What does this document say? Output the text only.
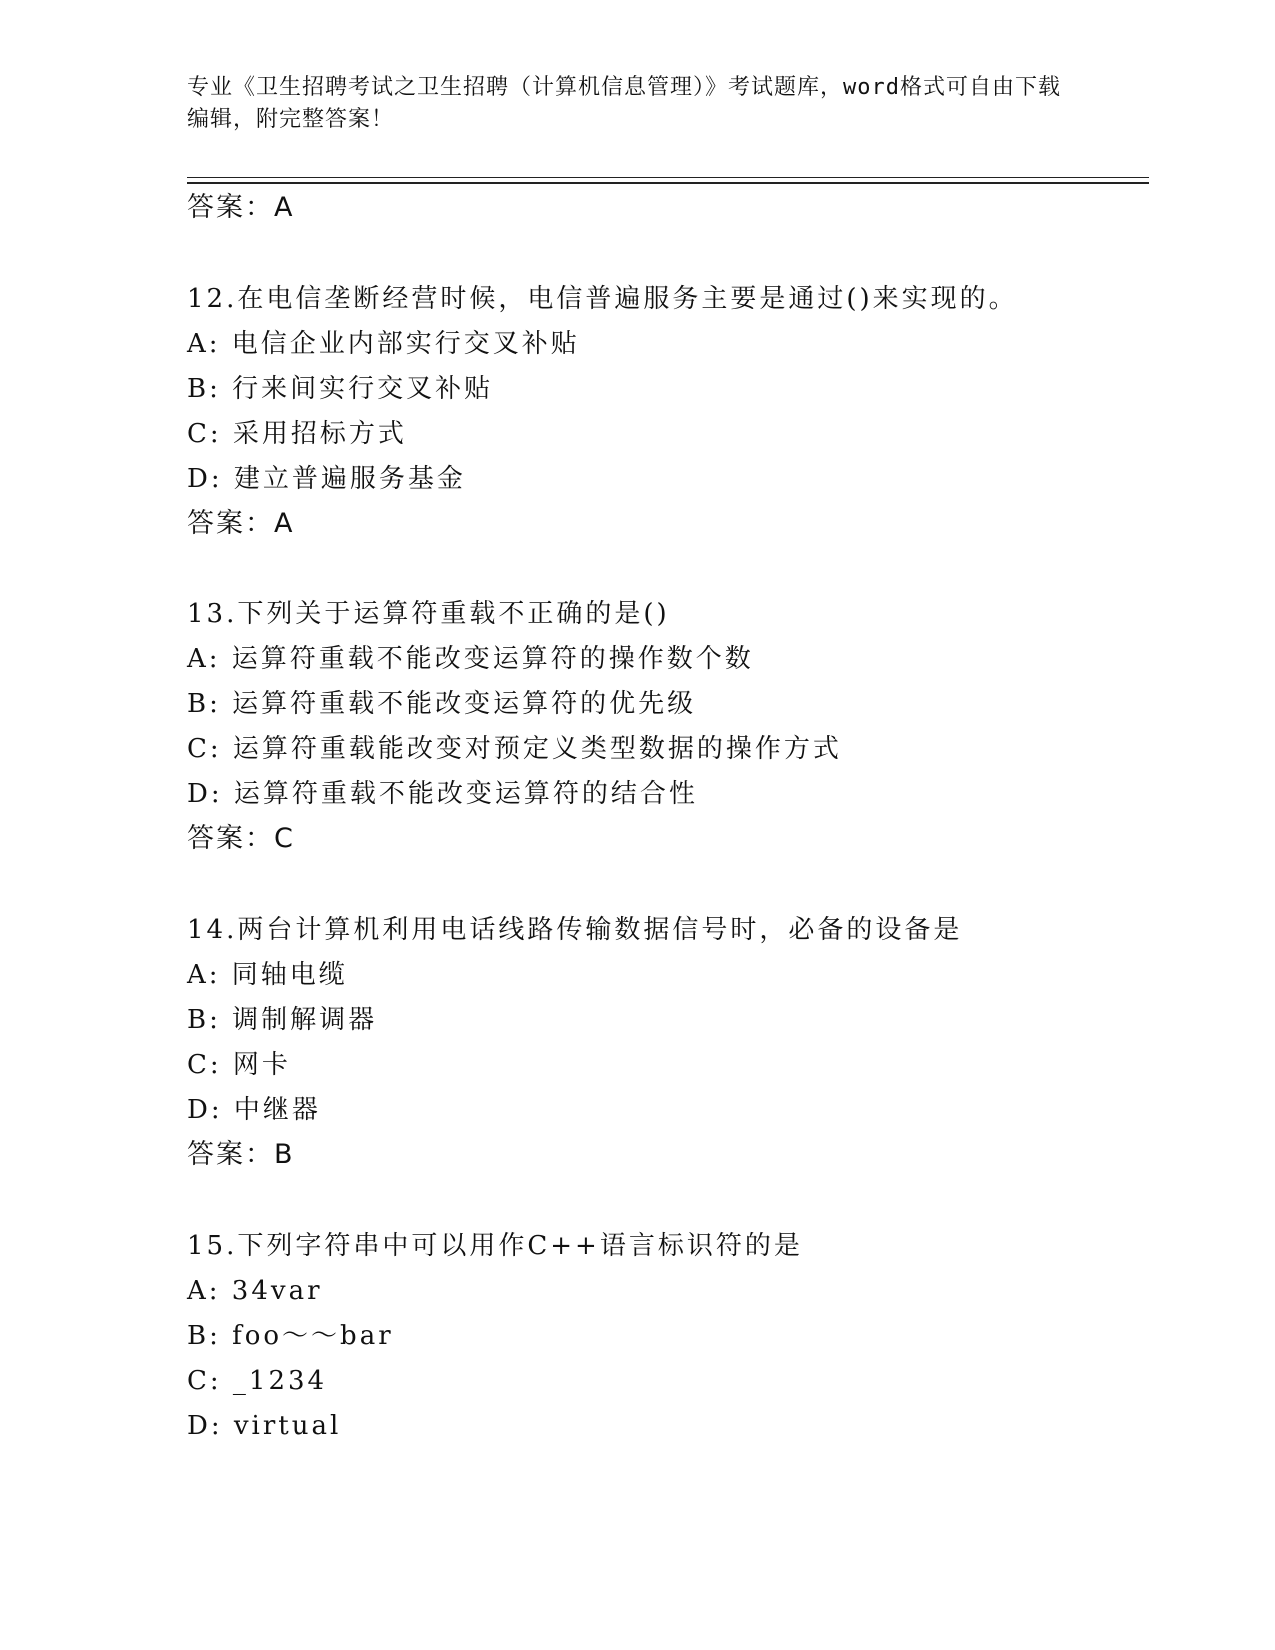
专业《卫生招聘考试之卫生招聘（计算机信息管理）》考试题库，word格式可自由下载编辑，附完整答案！
答案：A
12.在电信垄断经营时候，电信普遍服务主要是通过()来实现的。
A: 电信企业内部实行交叉补贴
B: 行来间实行交叉补贴
C: 采用招标方式
D: 建立普遍服务基金
答案：A
13.下列关于运算符重载不正确的是()
A: 运算符重载不能改变运算符的操作数个数
B: 运算符重载不能改变运算符的优先级
C: 运算符重载能改变对预定义类型数据的操作方式
D: 运算符重载不能改变运算符的结合性
答案：C
14.两台计算机利用电话线路传输数据信号时，必备的设备是
A: 同轴电缆
B: 调制解调器
C: 网卡
D: 中继器
答案：B
15.下列字符串中可以用作C++语言标识符的是
A: 34var
B: foo～～bar
C: _1234
D: virtual
